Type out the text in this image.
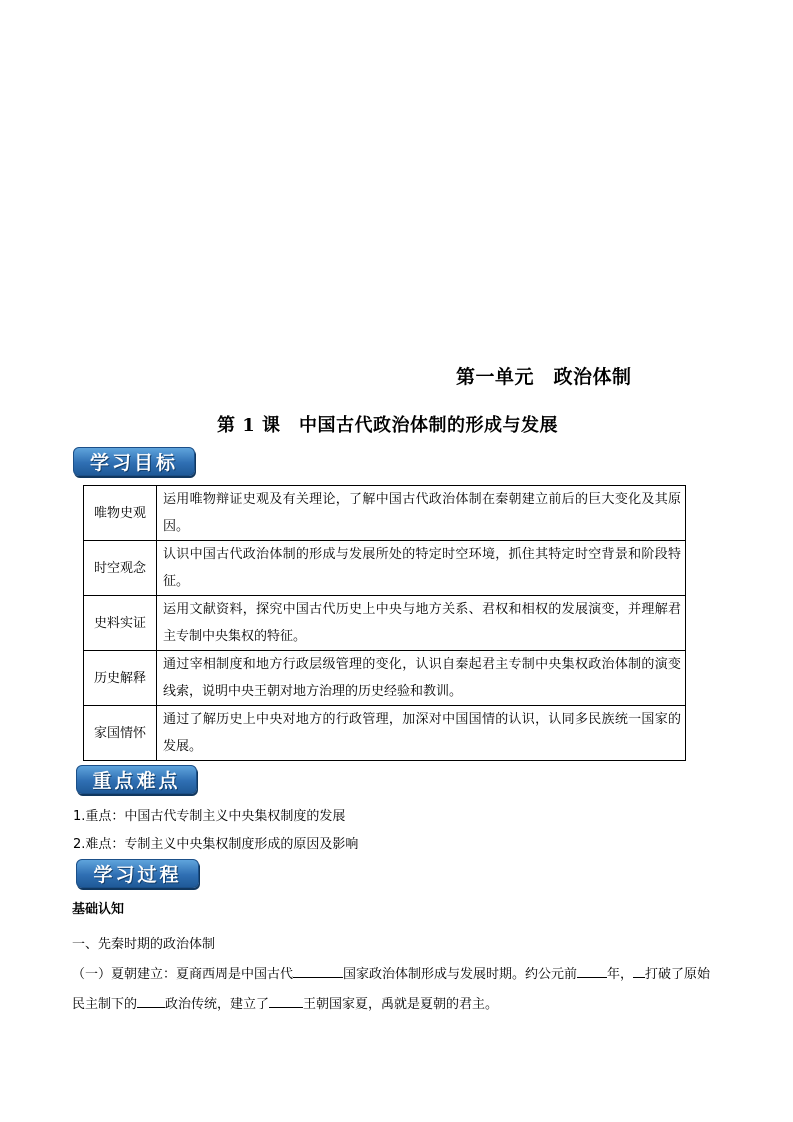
第一单元　政治体制
第 1 课　中国古代政治体制的形成与发展
学习目标
唯物史观	运用唯物辩证史观及有关理论，了解中国古代政治体制在秦朝建立前后的巨大变化及其原因。
时空观念	认识中国古代政治体制的形成与发展所处的特定时空环境，抓住其特定时空背景和阶段特征。
史料实证	运用文献资料，探究中国古代历史上中央与地方关系、君权和相权的发展演变，并理解君主专制中央集权的特征。
历史解释	通过宰相制度和地方行政层级管理的变化，认识自秦起君主专制中央集权政治体制的演变线索，说明中央王朝对地方治理的历史经验和教训。
家国情怀	通过了解历史上中央对地方的行政管理，加深对中国国情的认识，认同多民族统一国家的发展。
重点难点
1.重点：中国古代专制主义中央集权制度的发展
2.难点：专制主义中央集权制度形成的原因及影响
学习过程
基础认知
一、先秦时期的政治体制
（一）夏朝建立：夏商西周是中国古代	国家政治体制形成与发展时期。约公元前 年， 打破了原始民主制下的 政治传统，建立了	王朝国家夏，禹就是夏朝的君主。
